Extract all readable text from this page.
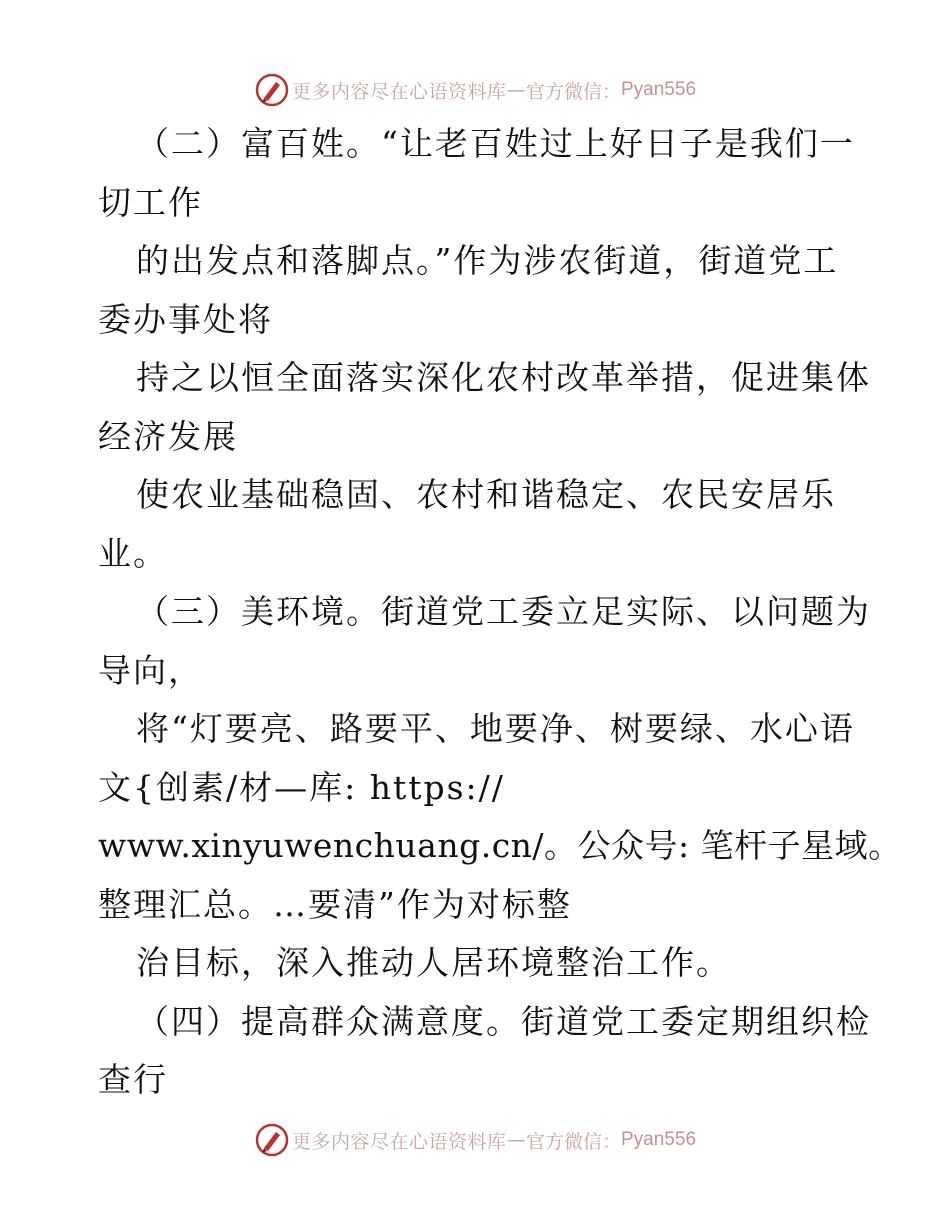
更多内容尽在心语资料库 — 官方微信： Pyan556
（二）富百姓。“让老百姓过上好日子是我们一
切工作
的出发点和落脚点。”作为涉农街道，街道党工
委办事处将
持之以恒全面落实深化农村改革举措，促进集体
经济发展
使农业基础稳固、农村和谐稳定、农民安居乐
业。
（三）美环境。街道党工委立足实际、以问题为
导向，
将“灯要亮、路要平、地要净、树要绿、水心语
文{创素/材—库: https://
www.xinyuwenchuang.cn/。公众号: 笔杆子星域。
整理汇总。…要清”作为对标整
治目标，深入推动人居环境整治工作。
（四）提高群众满意度。街道党工委定期组织检
查行
更多内容尽在心语资料库 — 官方微信： Pyan556
